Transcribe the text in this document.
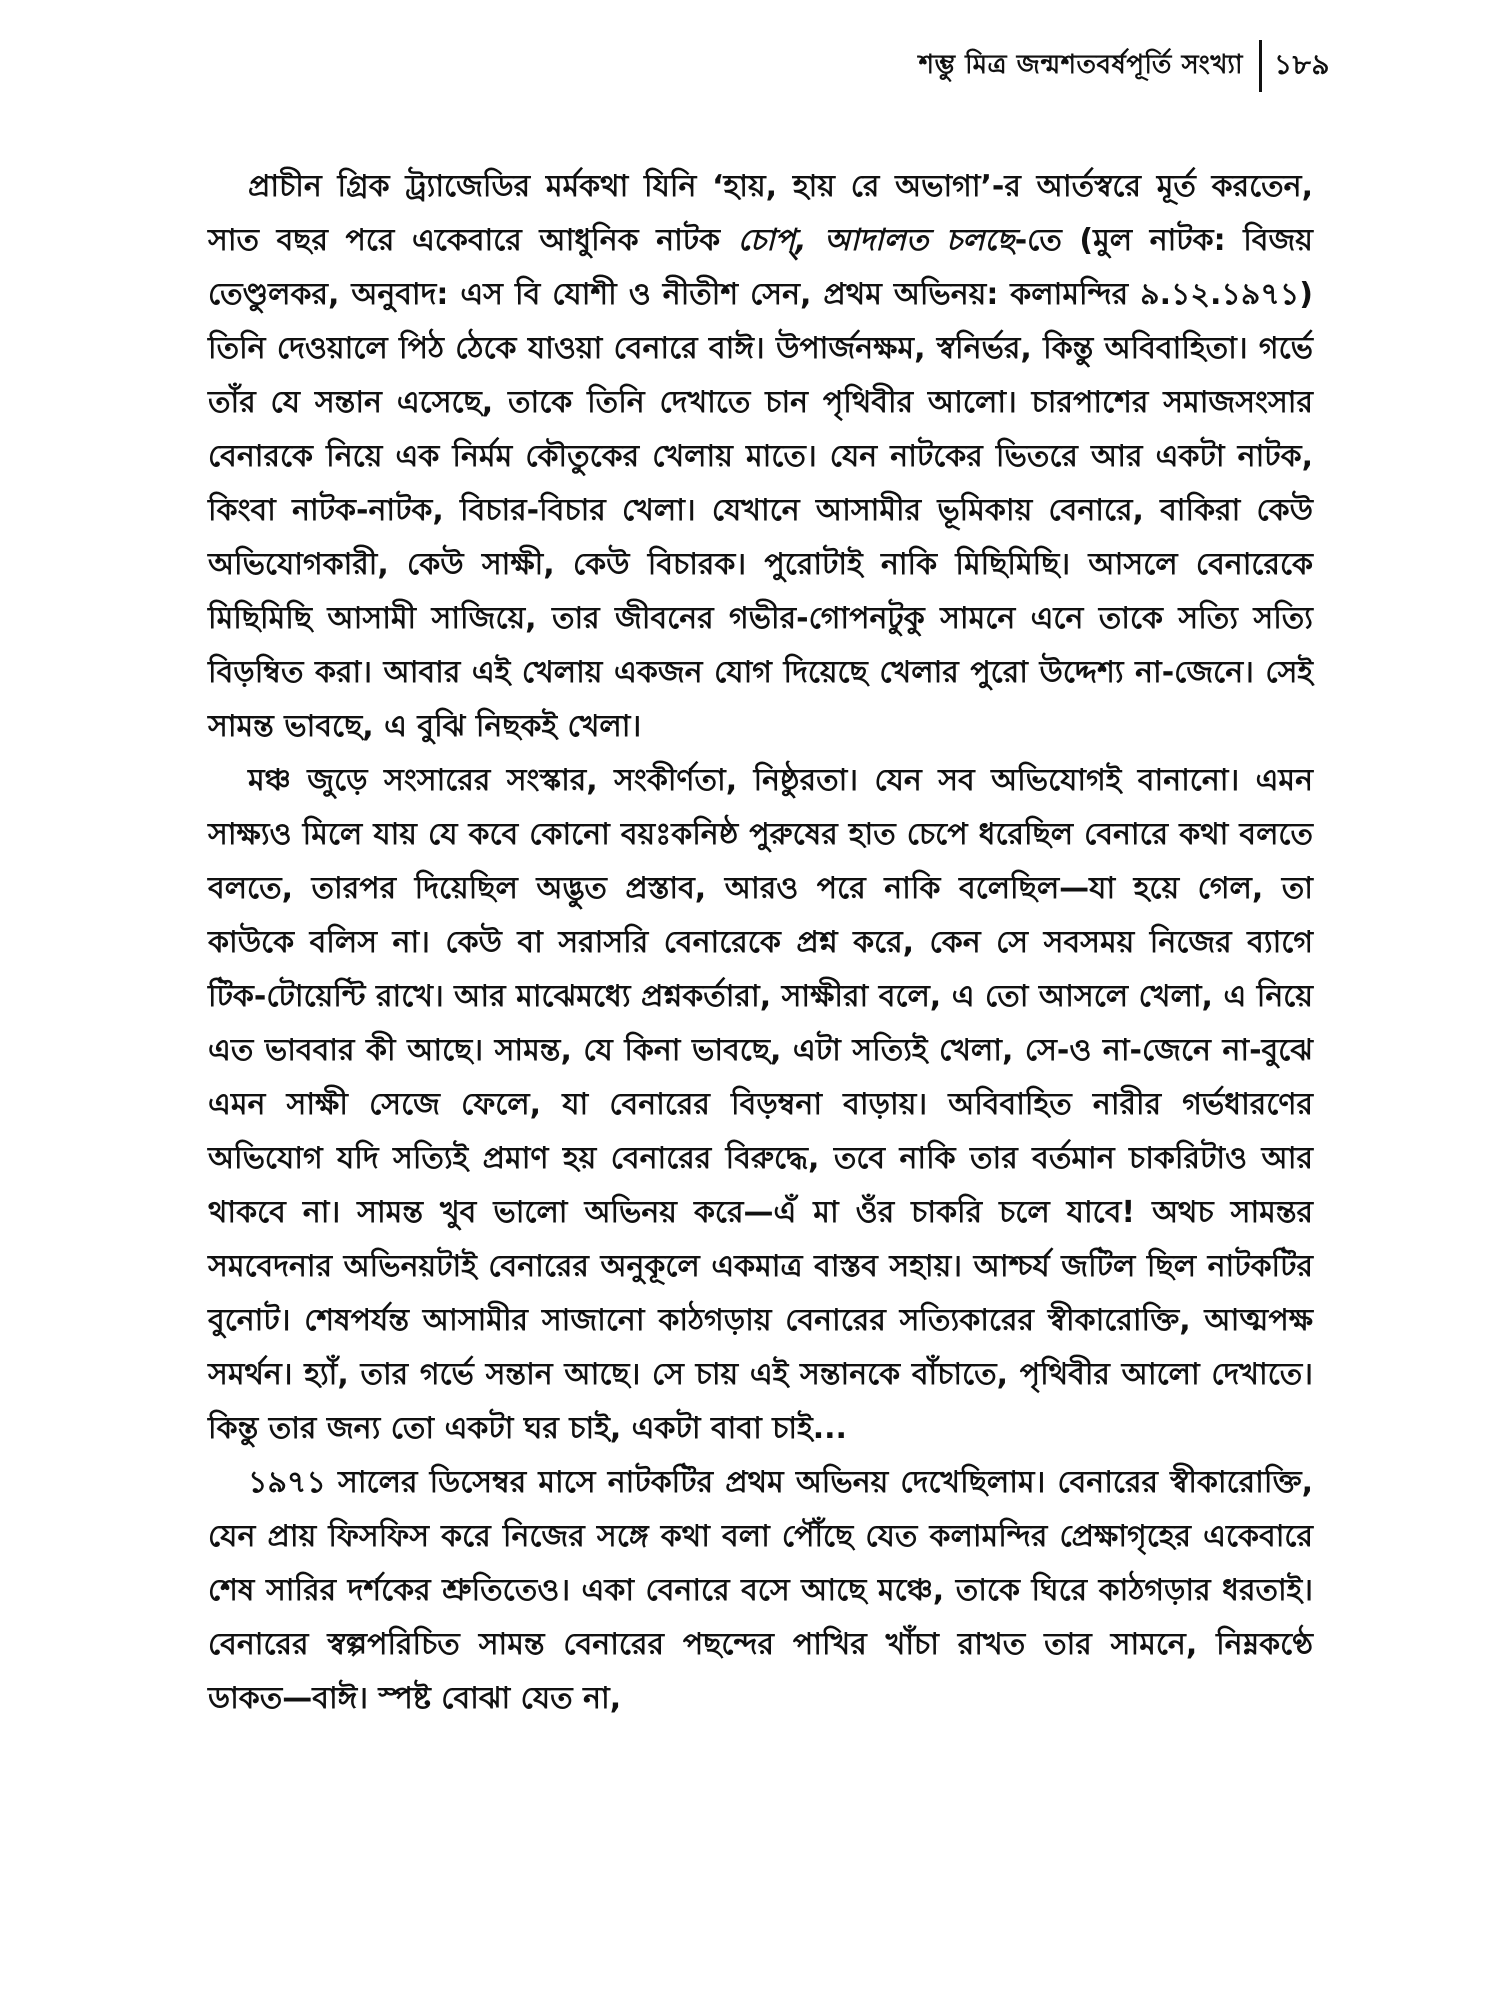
শম্ভু মিত্র জন্মশতবর্ষপূর্তি সংখ্যা	১৮৯

প্রাচীন গ্রিক ট্র্যাজেডির মর্মকথা যিনি ‘হায়, হায় রে অভাগা’-র আর্তস্বরে মূর্ত করতেন, সাত বছর পরে একেবারে আধুনিক নাটক চোপ্‌, আদালত চলছে-তে (মুল নাটক: বিজয় তেণ্ডুলকর, অনুবাদ: এস বি যোশী ও নীতীশ সেন, প্রথম অভিনয়: কলামন্দির ৯.১২.১৯৭১) তিনি দেওয়ালে পিঠ ঠেকে যাওয়া বেনারে বাঈ। উপার্জনক্ষম, স্বনির্ভর, কিন্তু অবিবাহিতা। গর্ভে তাঁর যে সন্তান এসেছে, তাকে তিনি দেখাতে চান পৃথিবীর আলো। চারপাশের সমাজসংসার বেনারকে নিয়ে এক নির্মম কৌতুকের খেলায় মাতে। যেন নাটকের ভিতরে আর একটা নাটক, কিংবা নাটক-নাটক, বিচার-বিচার খেলা। যেখানে আসামীর ভূমিকায় বেনারে, বাকিরা কেউ অভিযোগকারী, কেউ সাক্ষী, কেউ বিচারক। পুরোটাই নাকি মিছিমিছি। আসলে বেনারেকে মিছিমিছি আসামী সাজিয়ে, তার জীবনের গভীর-গোপনটুকু সামনে এনে তাকে সত্যি সত্যি বিড়ম্বিত করা। আবার এই খেলায় একজন যোগ দিয়েছে খেলার পুরো উদ্দেশ্য না-জেনে। সেই সামন্ত ভাবছে, এ বুঝি নিছকই খেলা।

মঞ্চ জুড়ে সংসারের সংস্কার, সংকীর্ণতা, নিষ্ঠুরতা। যেন সব অভিযোগই বানানো। এমন সাক্ষ্যও মিলে যায় যে কবে কোনো বয়ঃকনিষ্ঠ পুরুষের হাত চেপে ধরেছিল বেনারে কথা বলতে বলতে, তারপর দিয়েছিল অদ্ভুত প্রস্তাব, আরও পরে নাকি বলেছিল—যা হয়ে গেল, তা কাউকে বলিস না। কেউ বা সরাসরি বেনারেকে প্রশ্ন করে, কেন সে সবসময় নিজের ব্যাগে টিক-টোয়েন্টি রাখে। আর মাঝেমধ্যে প্রশ্নকর্তারা, সাক্ষীরা বলে, এ তো আসলে খেলা, এ নিয়ে এত ভাববার কী আছে। সামন্ত, যে কিনা ভাবছে, এটা সত্যিই খেলা, সে-ও না-জেনে না-বুঝে এমন সাক্ষী সেজে ফেলে, যা বেনারের বিড়ম্বনা বাড়ায়। অবিবাহিত নারীর গর্ভধারণের অভিযোগ যদি সত্যিই প্রমাণ হয় বেনারের বিরুদ্ধে, তবে নাকি তার বর্তমান চাকরিটাও আর থাকবে না। সামন্ত খুব ভালো অভিনয় করে—এঁ মা ওঁর চাকরি চলে যাবে! অথচ সামন্তর সমবেদনার অভিনয়টাই বেনারের অনুকূলে একমাত্র বাস্তব সহায়। আশ্চর্য জটিল ছিল নাটকটির বুনোট। শেষপর্যন্ত আসামীর সাজানো কাঠগড়ায় বেনারের সত্যিকারের স্বীকারোক্তি, আত্মপক্ষ সমর্থন। হ্যাঁ, তার গর্ভে সন্তান আছে। সে চায় এই সন্তানকে বাঁচাতে, পৃথিবীর আলো দেখাতে। কিন্তু তার জন্য তো একটা ঘর চাই, একটা বাবা চাই...

১৯৭১ সালের ডিসেম্বর মাসে নাটকটির প্রথম অভিনয় দেখেছিলাম। বেনারের স্বীকারোক্তি, যেন প্রায় ফিসফিস করে নিজের সঙ্গে কথা বলা পৌঁছে যেত কলামন্দির প্রেক্ষাগৃহের একেবারে শেষ সারির দর্শকের শ্রুতিতেও। একা বেনারে বসে আছে মঞ্চে, তাকে ঘিরে কাঠগড়ার ধরতাই। বেনারের স্বল্পপরিচিত সামন্ত বেনারের পছন্দের পাখির খাঁচা রাখত তার সামনে, নিম্নকণ্ঠে ডাকত—বাঈ। স্পষ্ট বোঝা যেত না,
